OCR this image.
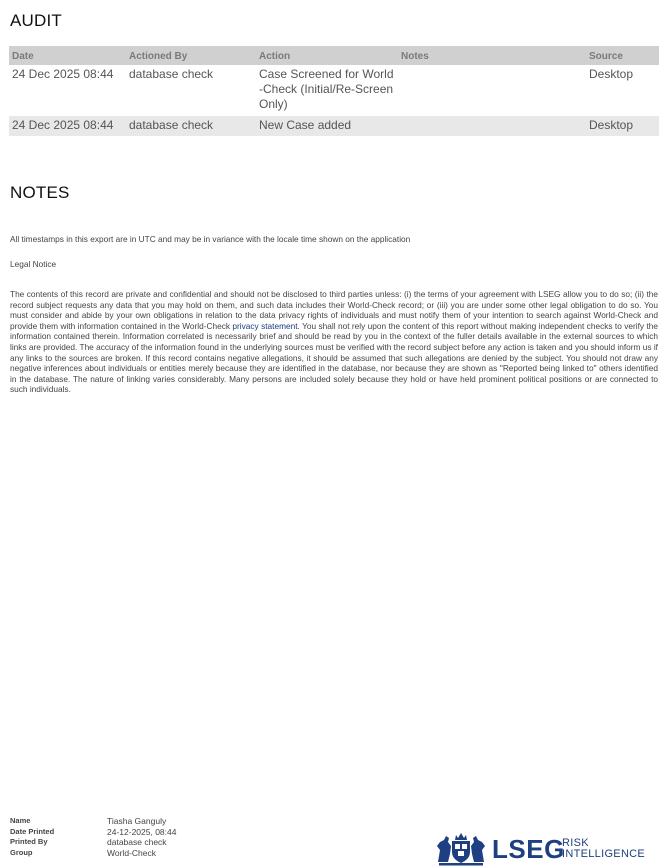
AUDIT
Date	Actioned By	Action	Notes	Source
24 Dec 2025 08:44	database check	Case Screened for World-Check (Initial/Re-Screen Only)		Desktop
24 Dec 2025 08:44	database check	New Case added		Desktop
NOTES

All timestamps in this export are in UTC and may be in variance with the locale time shown on the application

Legal Notice

The contents of this record are private and confidential and should not be disclosed to third parties unless: (i) the terms of your agreement with LSEG allow you to do so; (ii) the record subject requests any data that you may hold on them, and such data includes their World-Check record; or (iii) you are under some other legal obligation to do so. You must consider and abide by your own obligations in relation to the data privacy rights of individuals and must notify them of your intention to search against World-Check and provide them with information contained in the World-Check privacy statement. You shall not rely upon the content of this report without making independent checks to verify the information contained therein. Information correlated is necessarily brief and should be read by you in the context of the fuller details available in the external sources to which links are provided. The accuracy of the information found in the underlying sources must be verified with the record subject before any action is taken and you should inform us if any links to the sources are broken. If this record contains negative allegations, it should be assumed that such allegations are denied by the subject. You should not draw any negative inferences about individuals or entities merely because they are identified in the database, nor because they are shown as "Reported being linked to" others identified in the database. The nature of linking varies considerably. Many persons are included solely because they hold or have held prominent political positions or are connected to such individuals.

Name	Tiasha Ganguly
Date Printed	24-12-2025, 08:44
Printed By	database check
Group	World-Check	LSEG
RISK
INTELLIGENCE
